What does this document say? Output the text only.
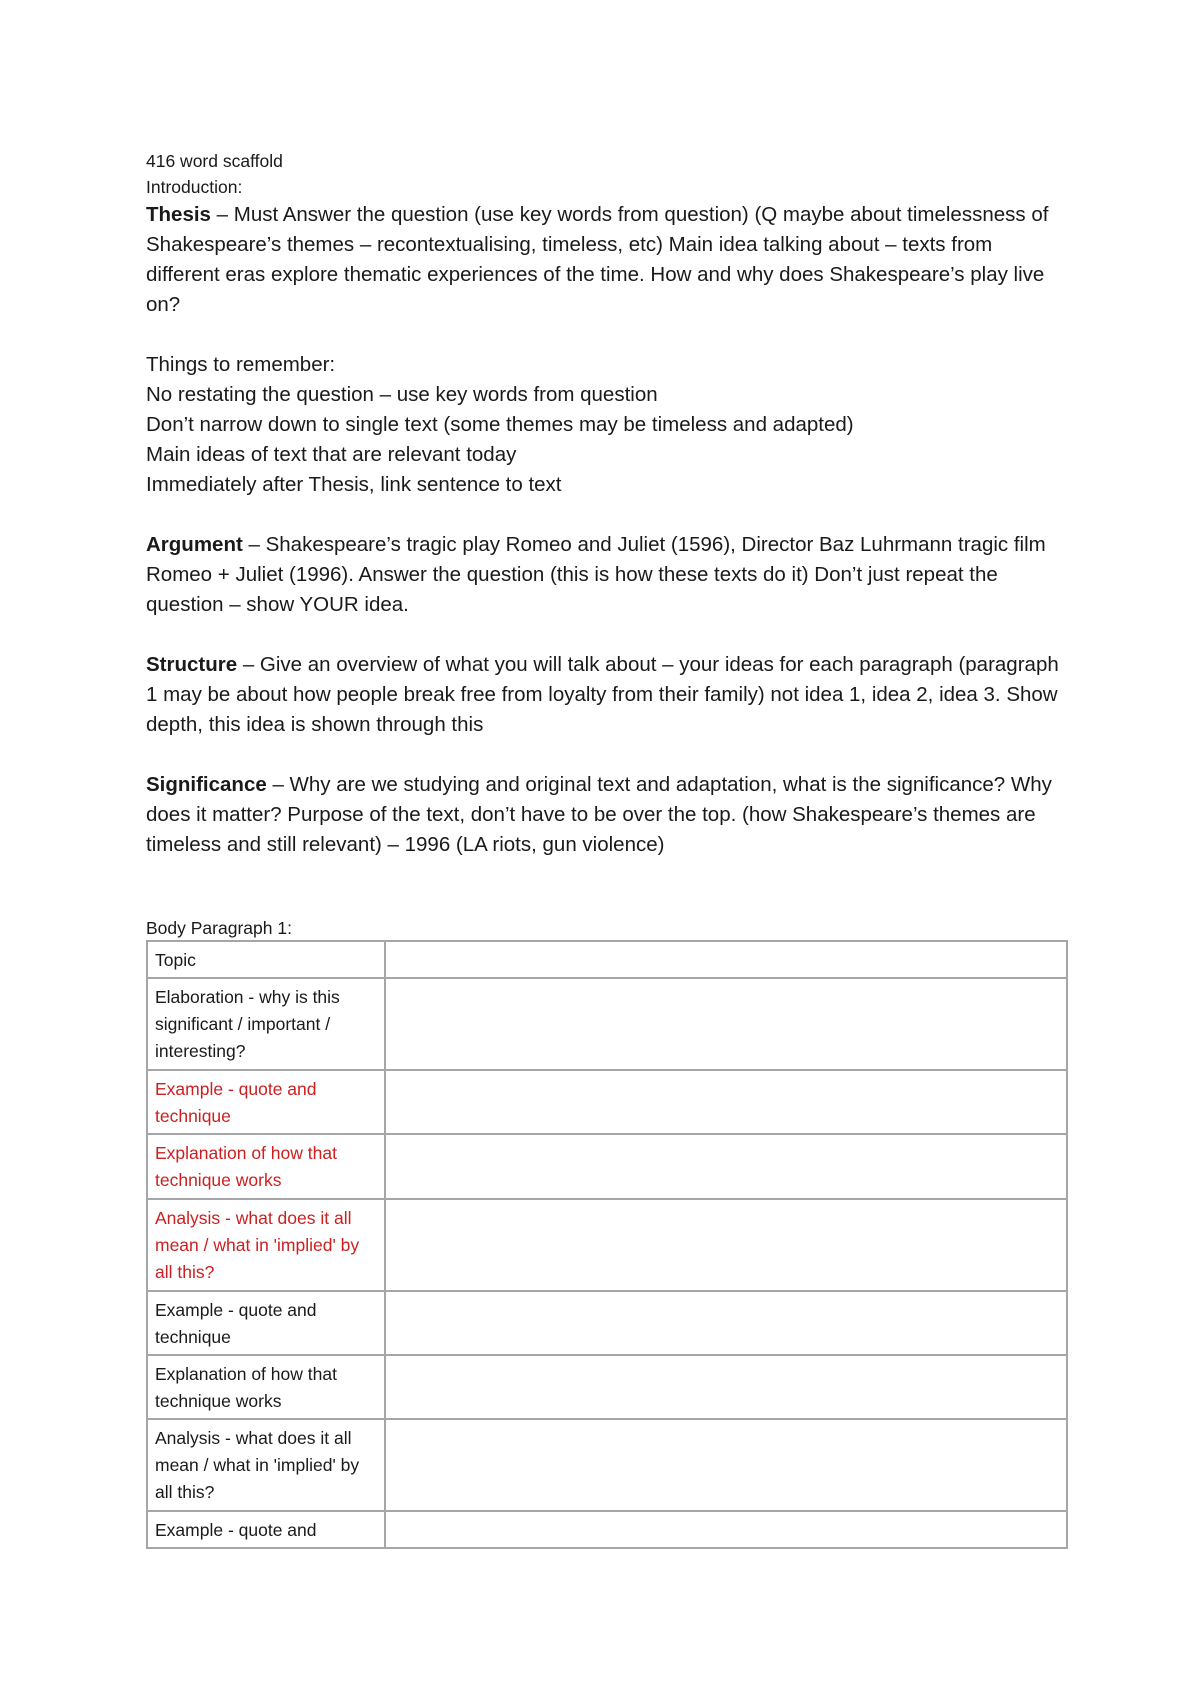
416 word scaffold
Introduction:

Thesis – Must Answer the question (use key words from question) (Q maybe about timelessness of Shakespeare’s themes – recontextualising, timeless, etc) Main idea talking about – texts from different eras explore thematic experiences of the time. How and why does Shakespeare’s play live on?

Things to remember:
No restating the question – use key words from question
Don’t narrow down to single text (some themes may be timeless and adapted)
Main ideas of text that are relevant today
Immediately after Thesis, link sentence to text

Argument – Shakespeare’s tragic play Romeo and Juliet (1596), Director Baz Luhrmann tragic film Romeo + Juliet (1996). Answer the question (this is how these texts do it) Don’t just repeat the question – show YOUR idea.

Structure – Give an overview of what you will talk about – your ideas for each paragraph (paragraph 1 may be about how people break free from loyalty from their family) not idea 1, idea 2, idea 3. Show depth, this idea is shown through this

Significance – Why are we studying and original text and adaptation, what is the significance? Why does it matter? Purpose of the text, don’t have to be over the top. (how Shakespeare’s themes are timeless and still relevant) – 1996 (LA riots, gun violence)

Body Paragraph 1:
Topic	
Elaboration - why is this significant / important / interesting?	
Example - quote and technique	
Explanation of how that technique works	
Analysis - what does it all mean / what in 'implied' by all this?	
Example - quote and technique	
Explanation of how that technique works	
Analysis - what does it all mean / what in 'implied' by all this?	
Example - quote and	
